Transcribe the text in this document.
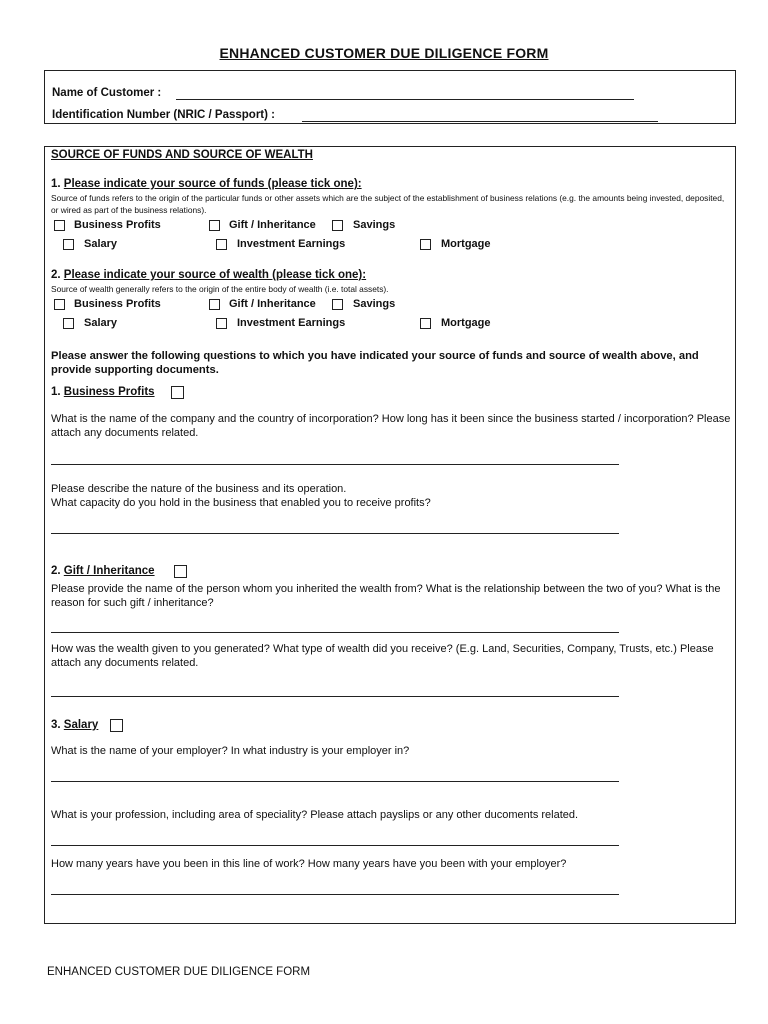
ENHANCED CUSTOMER DUE DILIGENCE FORM
Name of Customer :
Identification Number (NRIC / Passport) :
SOURCE OF FUNDS AND SOURCE OF WEALTH
1. Please indicate your source of funds (please tick one):
Source of funds refers to the origin of the particular funds or other assets which are the subject of the establishment of business relations (e.g. the amounts being invested, deposited, or wired as part of the business relations).
Business Profits	Gift / Inheritance	Savings
Salary	Investment Earnings	Mortgage
2. Please indicate your source of wealth (please tick one):
Source of wealth generally refers to the origin of the entire body of wealth (i.e. total assets).
Business Profits	Gift / Inheritance	Savings
Salary	Investment Earnings	Mortgage
Please answer the following questions to which you have indicated your source of funds and source of wealth above, and provide supporting documents.
1. Business Profits
What is the name of the company and the country of incorporation? How long has it been since the business started / incorporation? Please attach any documents related.
Please describe the nature of the business and its operation.
What capacity do you hold in the business that enabled you to receive profits?
2. Gift / Inheritance
Please provide the name of the person whom you inherited the wealth from? What is the relationship between the two of you? What is the reason for such gift / inheritance?
How was the wealth given to you generated? What type of wealth did you receive? (E.g. Land, Securities, Company, Trusts, etc.) Please attach any documents related.
3. Salary
What is the name of your employer? In what industry is your employer in?
What is your profession, including area of speciality? Please attach payslips or any other ducoments related.
How many years have you been in this line of work? How many years have you been with your employer?
ENHANCED CUSTOMER DUE DILIGENCE FORM
